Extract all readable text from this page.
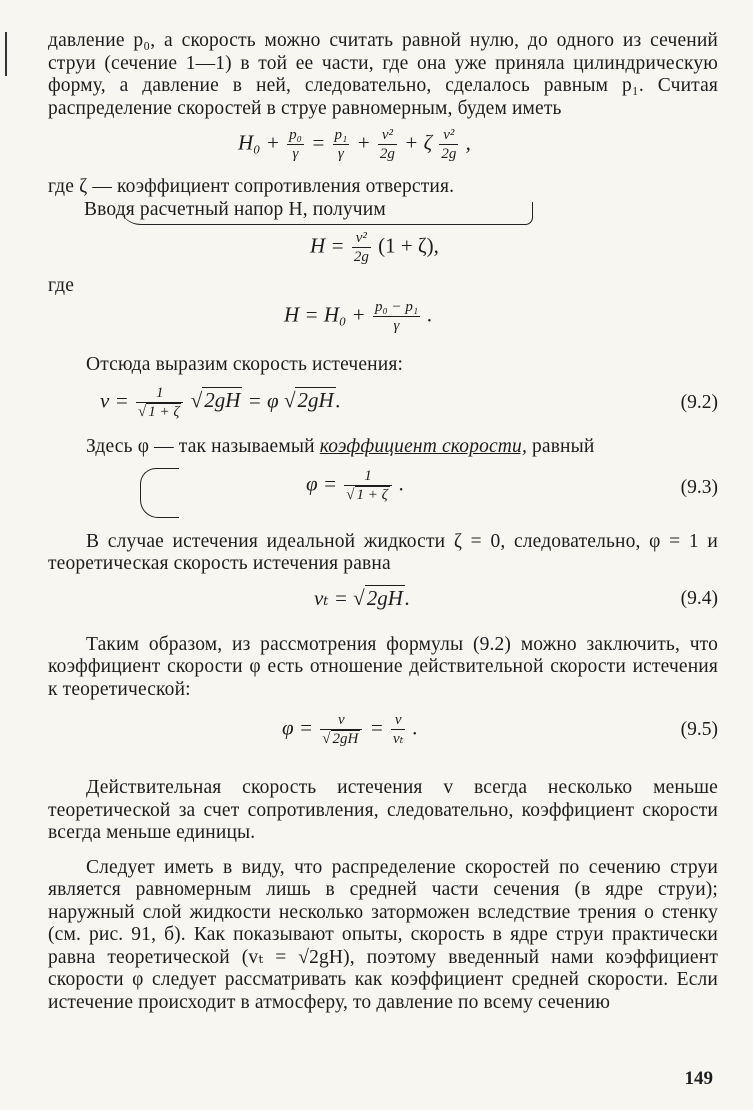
давление p₀, а скорость можно считать равной нулю, до одного из сечений струи (сечение 1—1) в той ее части, где она уже приняла цилиндрическую форму, а давление в ней, следовательно, сделалось равным p₁. Считая распределение скоростей в струе равномерным, будем иметь

$H_0 + \frac{\text{p₀}}{\gamma} = \frac{\text{p₁}}{\gamma} + \frac{\text{v²}}{2g} + \zeta \frac{\text{v²}}{2g}$ ,

где ζ — коэффициент сопротивления отверстия.

Вводя расчетный напор H, получим

$H = \frac{\text{v²}}{2g} (1 + \zeta)$,

где

$H = H_0 + \frac{\text{p₀ − p₁}}{\gamma}$ .

Отсюда выразим скорость истечения:

$v = \frac{1}{√ 1 + \zeta} √2gH = \varphi$ √2gH.	(9.2)

Здесь φ — так называемый коэффициент скорости, равный

$\varphi = \frac{1}{√ 1 + \zeta}$ .	(9.3)

В случае истечения идеальной жидкости ζ = 0, следовательно, φ = 1 и теоретическая скорость истечения равна

vₜ = √2gH.	(9.4)

Таким образом, из рассмотрения формулы (9.2) можно заключить, что коэффициент скорости φ есть отношение действительной скорости истечения к теоретической:

$\varphi = \frac{v}{√ 2gH} = \frac{v}{\text{vₜ}}$ .	(9.5)

Действительная скорость истечения v всегда несколько меньше теоретической за счет сопротивления, следовательно, коэффициент скорости всегда меньше единицы.

Следует иметь в виду, что распределение скоростей по сечению струи является равномерным лишь в средней части сечения (в ядре струи); наружный слой жидкости несколько заторможен вследствие трения о стенку (см. рис. 91, б). Как показывают опыты, скорость в ядре струи практически равна теоретической (vₜ = √2gH), поэтому введенный нами коэффициент скорости φ следует рассматривать как коэффициент средней скорости. Если истечение происходит в атмосферу, то давление по всему сечению

149
